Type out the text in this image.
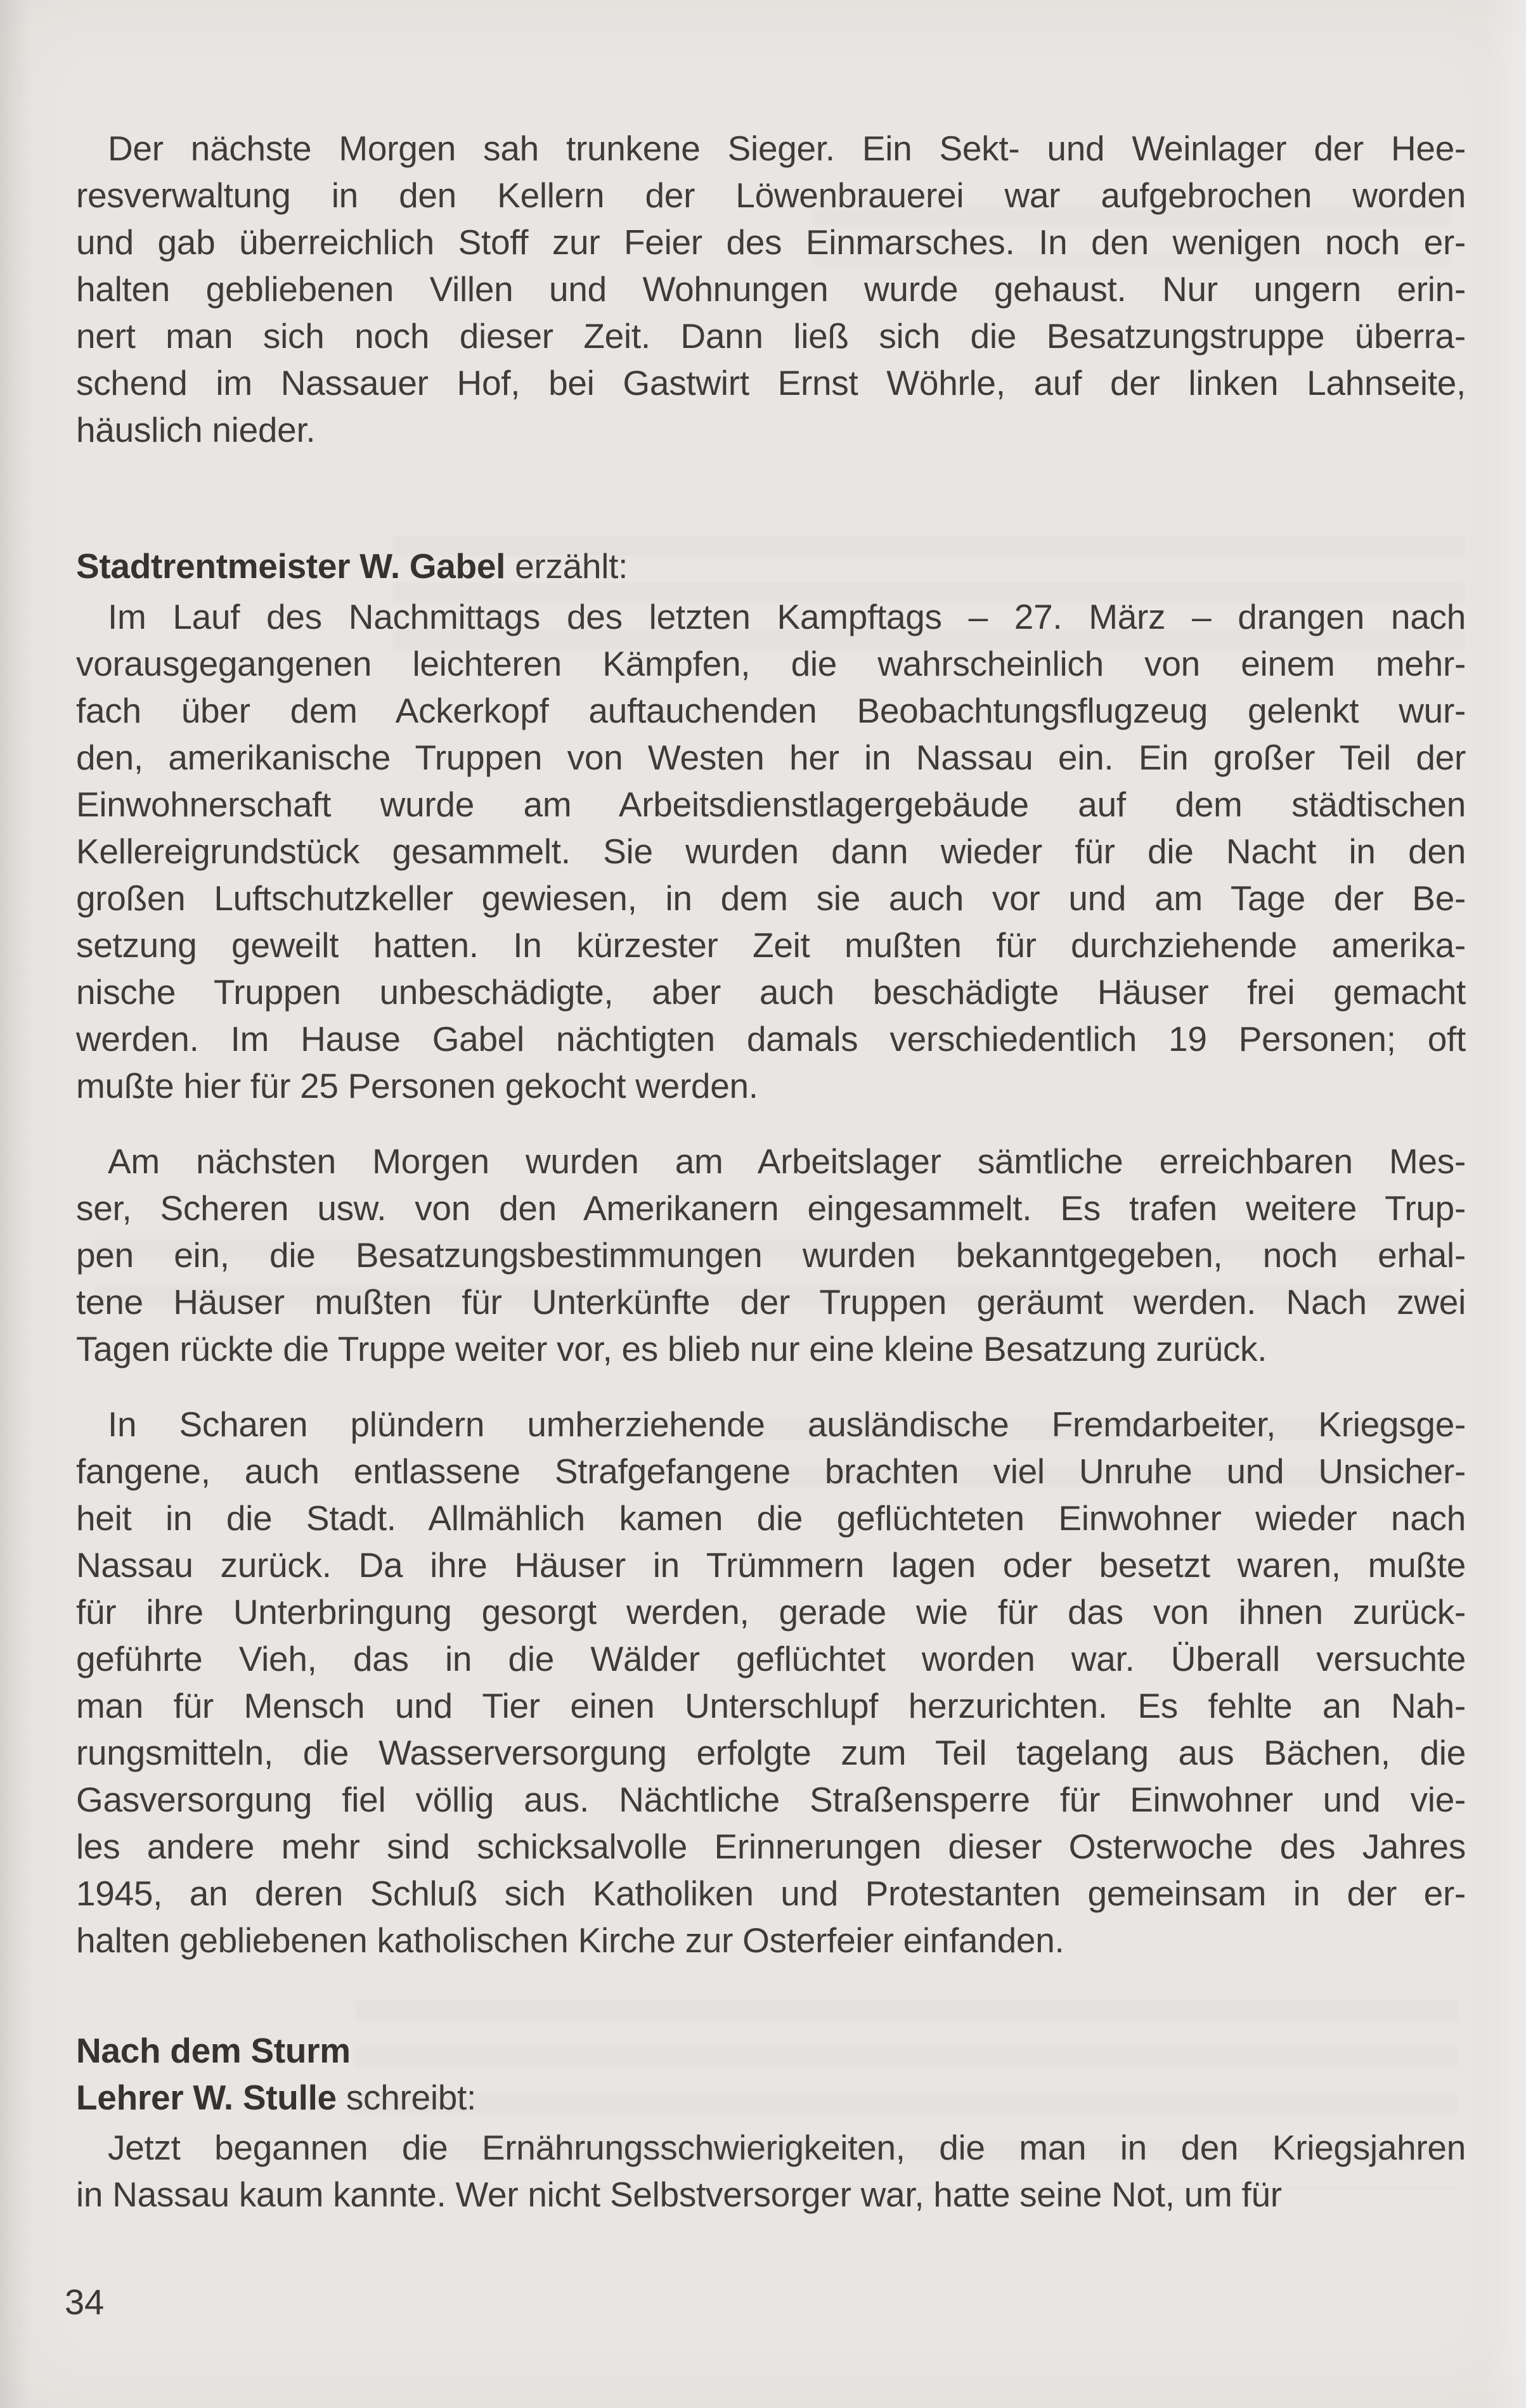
Der nächste Morgen sah trunkene Sieger. Ein Sekt- und Weinlager der Hee-
resverwaltung in den Kellern der Löwenbrauerei war aufgebrochen worden
und gab überreichlich Stoff zur Feier des Einmarsches. In den wenigen noch er-
halten gebliebenen Villen und Wohnungen wurde gehaust. Nur ungern erin-
nert man sich noch dieser Zeit. Dann ließ sich die Besatzungstruppe überra-
schend im Nassauer Hof, bei Gastwirt Ernst Wöhrle, auf der linken Lahnseite,
häuslich nieder.

Stadtrentmeister W. Gabel erzählt:

Im Lauf des Nachmittags des letzten Kampftags – 27. März – drangen nach
vorausgegangenen leichteren Kämpfen, die wahrscheinlich von einem mehr-
fach über dem Ackerkopf auftauchenden Beobachtungsflugzeug gelenkt wur-
den, amerikanische Truppen von Westen her in Nassau ein. Ein großer Teil der
Einwohnerschaft wurde am Arbeitsdienstlagergebäude auf dem städtischen
Kellereigrundstück gesammelt. Sie wurden dann wieder für die Nacht in den
großen Luftschutzkeller gewiesen, in dem sie auch vor und am Tage der Be-
setzung geweilt hatten. In kürzester Zeit mußten für durchziehende amerika-
nische Truppen unbeschädigte, aber auch beschädigte Häuser frei gemacht
werden. Im Hause Gabel nächtigten damals verschiedentlich 19 Personen; oft
mußte hier für 25 Personen gekocht werden.

Am nächsten Morgen wurden am Arbeitslager sämtliche erreichbaren Mes-
ser, Scheren usw. von den Amerikanern eingesammelt. Es trafen weitere Trup-
pen ein, die Besatzungsbestimmungen wurden bekanntgegeben, noch erhal-
tene Häuser mußten für Unterkünfte der Truppen geräumt werden. Nach zwei
Tagen rückte die Truppe weiter vor, es blieb nur eine kleine Besatzung zurück.

In Scharen plündern umherziehende ausländische Fremdarbeiter, Kriegsge-
fangene, auch entlassene Strafgefangene brachten viel Unruhe und Unsicher-
heit in die Stadt. Allmählich kamen die geflüchteten Einwohner wieder nach
Nassau zurück. Da ihre Häuser in Trümmern lagen oder besetzt waren, mußte
für ihre Unterbringung gesorgt werden, gerade wie für das von ihnen zurück-
geführte Vieh, das in die Wälder geflüchtet worden war. Überall versuchte
man für Mensch und Tier einen Unterschlupf herzurichten. Es fehlte an Nah-
rungsmitteln, die Wasserversorgung erfolgte zum Teil tagelang aus Bächen, die
Gasversorgung fiel völlig aus. Nächtliche Straßensperre für Einwohner und vie-
les andere mehr sind schicksalvolle Erinnerungen dieser Osterwoche des Jahres
1945, an deren Schluß sich Katholiken und Protestanten gemeinsam in der er-
halten gebliebenen katholischen Kirche zur Osterfeier einfanden.

Nach dem Sturm
Lehrer W. Stulle schreibt:

Jetzt begannen die Ernährungsschwierigkeiten, die man in den Kriegsjahren
in Nassau kaum kannte. Wer nicht Selbstversorger war, hatte seine Not, um für

34
